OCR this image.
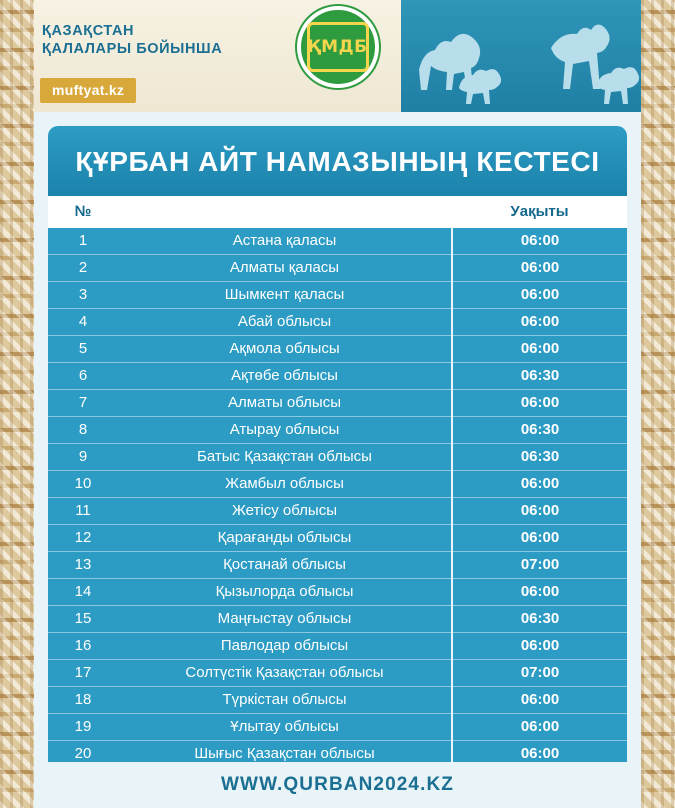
ҚАЗАҚСТАН
ҚАЛАЛАРЫ БОЙЫНША
muftyat.kz
ҚМДБ
ҚҰРБАН АЙТ НАМАЗЫНЫҢ КЕСТЕСІ
№		Уақыты
1	Астана қаласы	06:00
2	Алматы қаласы	06:00
3	Шымкент қаласы	06:00
4	Абай облысы	06:00
5	Ақмола облысы	06:00
6	Ақтөбе облысы	06:30
7	Алматы облысы	06:00
8	Атырау облысы	06:30
9	Батыс Қазақстан облысы	06:30
10	Жамбыл облысы	06:00
11	Жетісу облысы	06:00
12	Қарағанды облысы	06:00
13	Қостанай облысы	07:00
14	Қызылорда облысы	06:00
15	Маңғыстау облысы	06:30
16	Павлодар облысы	06:00
17	Солтүстік Қазақстан облысы	07:00
18	Түркістан облысы	06:00
19	Ұлытау облысы	06:00
20	Шығыс Қазақстан облысы	06:00
WWW.QURBAN2024.KZ
